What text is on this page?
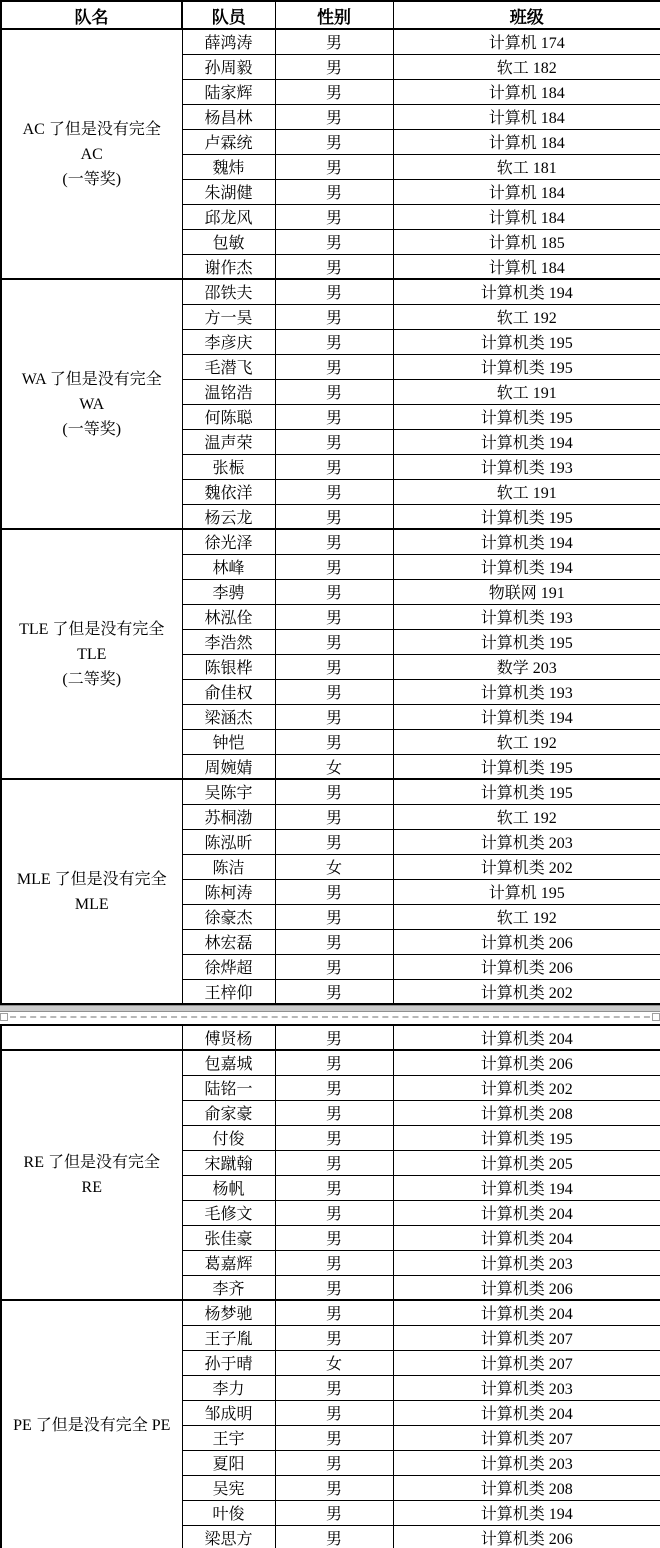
队名	队员	性别	班级

AC 了但是没有完全
AC
(一等奖)	薛鸿涛	男	计算机 174
	孙周毅	男	软工 182
	陆家辉	男	计算机 184
	杨昌林	男	计算机 184
	卢霖统	男	计算机 184
	魏炜	男	软工 181
	朱湖健	男	计算机 184
	邱龙风	男	计算机 184
	包敏	男	计算机 185
	谢作杰	男	计算机 184

WA 了但是没有完全
WA
(一等奖)	邵铁夫	男	计算机类 194
	方一昊	男	软工 192
	李彦庆	男	计算机类 195
	毛潜飞	男	计算机类 195
	温铭浩	男	软工 191
	何陈聪	男	计算机类 195
	温声荣	男	计算机类 194
	张桭	男	计算机类 193
	魏依洋	男	软工 191
	杨云龙	男	计算机类 195

TLE 了但是没有完全
TLE
(二等奖)	徐光泽	男	计算机类 194
	林峰	男	计算机类 194
	李骋	男	物联网 191
	林泓佺	男	计算机类 193
	李浩然	男	计算机类 195
	陈银桦	男	数学 203
	俞佳权	男	计算机类 193
	梁涵杰	男	计算机类 194
	钟恺	男	软工 192
	周婉婧	女	计算机类 195

MLE 了但是没有完全
MLE	吴陈宇	男	计算机类 195
	苏桐渤	男	软工 192
	陈泓昕	男	计算机类 203
	陈洁	女	计算机类 202
	陈柯涛	男	计算机 195
	徐豪杰	男	软工 192
	林宏磊	男	计算机类 206
	徐烨超	男	计算机类 206
	王梓仰	男	计算机类 202
	傅贤杨	男	计算机类 204

RE 了但是没有完全
RE	包嘉城	男	计算机类 206
	陆铭一	男	计算机类 202
	俞家豪	男	计算机类 208
	付俊	男	计算机类 195
	宋蹴翰	男	计算机类 205
	杨帆	男	计算机类 194
	毛修文	男	计算机类 204
	张佳豪	男	计算机类 204
	葛嘉辉	男	计算机类 203
	李齐	男	计算机类 206

PE 了但是没有完全 PE	杨梦驰	男	计算机类 204
	王子胤	男	计算机类 207
	孙于晴	女	计算机类 207
	李力	男	计算机类 203
	邹成明	男	计算机类 204
	王宇	男	计算机类 207
	夏阳	男	计算机类 203
	吴宪	男	计算机类 208
	叶俊	男	计算机类 194
	梁思方	男	计算机类 206
